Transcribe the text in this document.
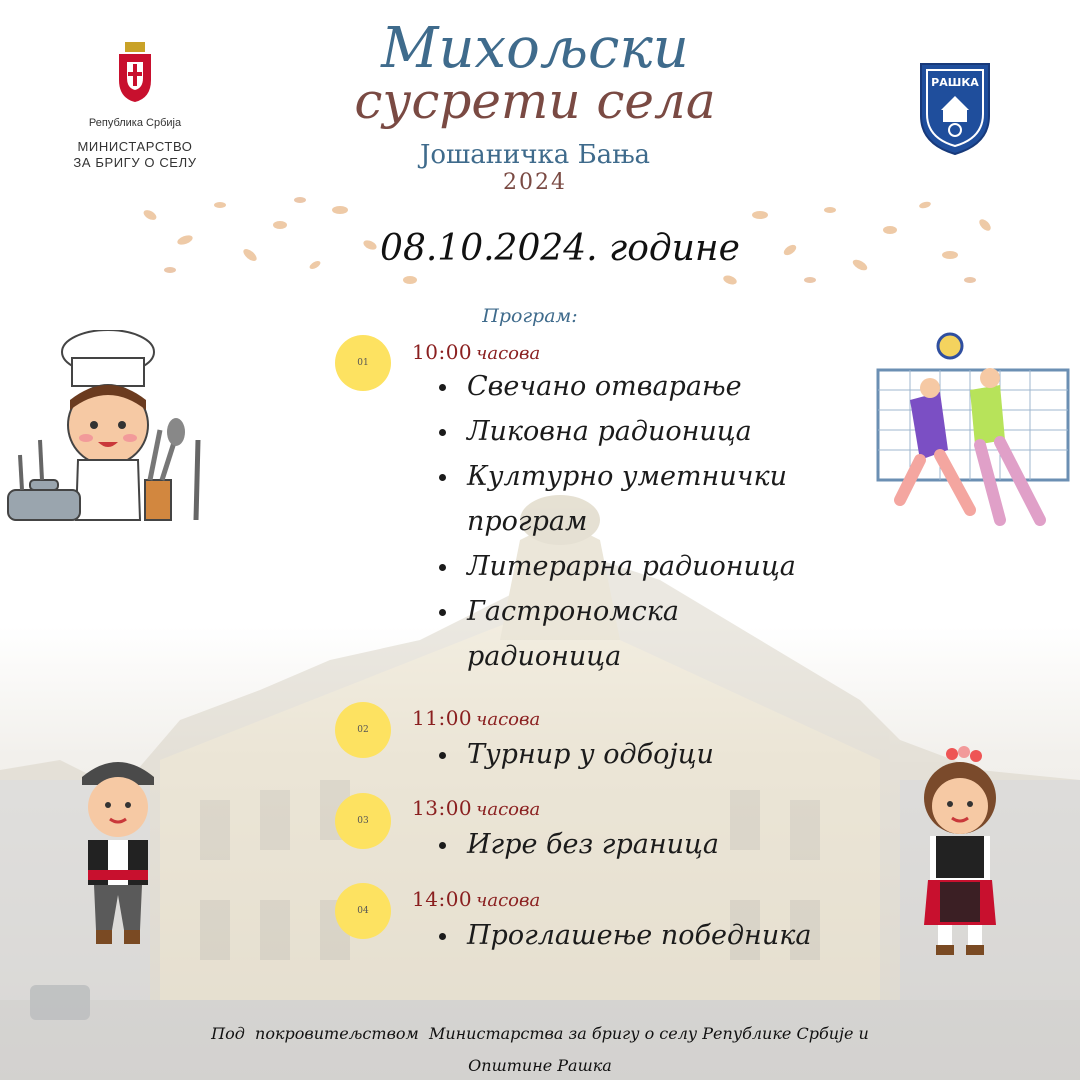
Република Србија
МИНИСТАРСТВО
ЗА БРИГУ О СЕЛУ
РАШКА
Михољски
сусрети села
Јошаничка Бања
2024
08.10.2024. године
Програм:
01	10:00 часова
Свечано отварање
Ликовна радионица
Културно уметнички
програм
Литерарна радионица
Гастрономска
радионица
02	11:00 часова
Турнир у одбојци
03
13:00 часова
Игре без граница
04	14:00 часова
Проглашење победника
Под  покровитељством  Министарства за бригу о селу Републике Србије и
Општине Рашка
